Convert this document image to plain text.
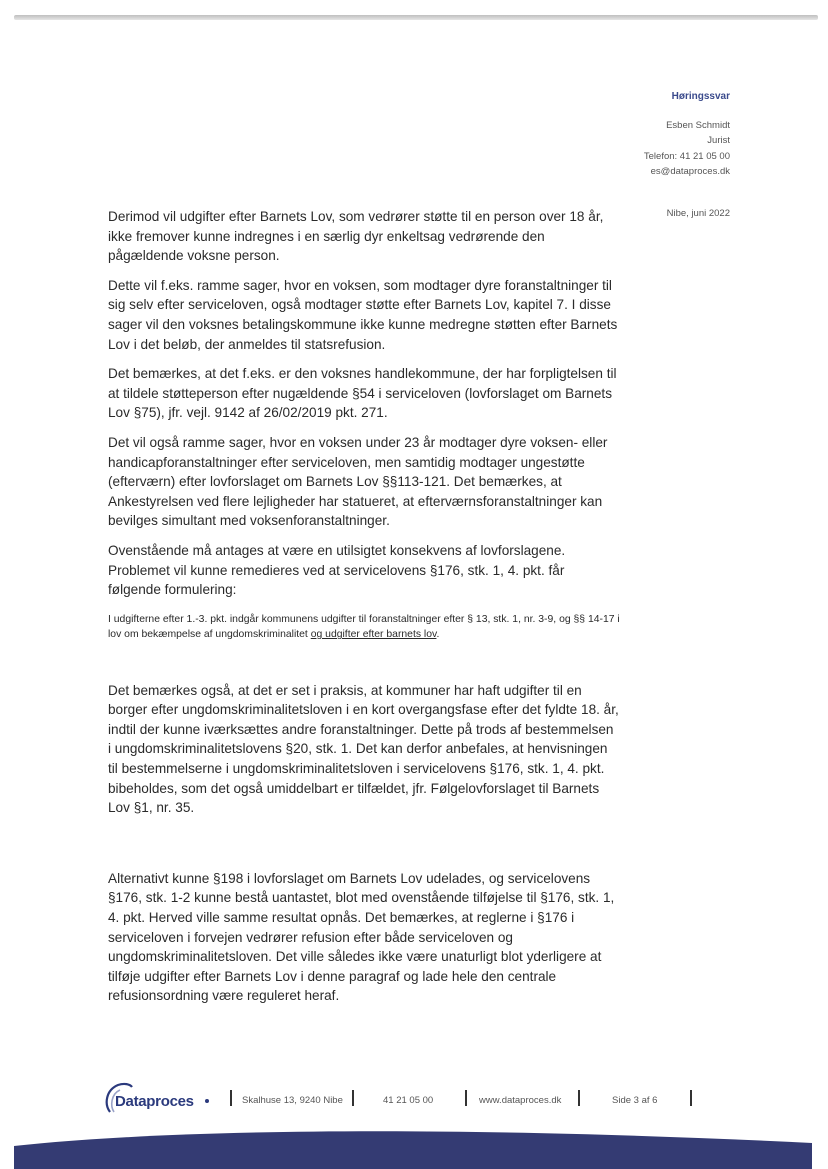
Høringssvar
Esben Schmidt
Jurist
Telefon: 41 21 05 00
es@dataproces.dk
Nibe, juni 2022

Derimod vil udgifter efter Barnets Lov, som vedrører støtte til en person over 18 år, ikke fremover kunne indregnes i en særlig dyr enkeltsag vedrørende den pågældende voksne person.

Dette vil f.eks. ramme sager, hvor en voksen, som modtager dyre foranstaltninger til sig selv efter serviceloven, også modtager støtte efter Barnets Lov, kapitel 7. I disse sager vil den voksnes betalingskommune ikke kunne medregne støtten efter Barnets Lov i det beløb, der anmeldes til statsrefusion.

Det bemærkes, at det f.eks. er den voksnes handlekommune, der har forpligtelsen til at tildele støtteperson efter nugældende §54 i serviceloven (lovforslaget om Barnets Lov §75), jfr. vejl. 9142 af 26/02/2019 pkt. 271.

Det vil også ramme sager, hvor en voksen under 23 år modtager dyre voksen- eller handicapforanstaltninger efter serviceloven, men samtidig modtager ungestøtte (efterværn) efter lovforslaget om Barnets Lov §§113-121. Det bemærkes, at Ankestyrelsen ved flere lejligheder har statueret, at efterværnsforanstaltninger kan bevilges simultant med voksenforanstaltninger.

Ovenstående må antages at være en utilsigtet konsekvens af lovforslagene. Problemet vil kunne remedieres ved at servicelovens §176, stk. 1, 4. pkt. får følgende formulering:

I udgifterne efter 1.-3. pkt. indgår kommunens udgifter til foranstaltninger efter § 13, stk. 1, nr. 3-9, og §§ 14-17 i lov om bekæmpelse af ungdomskriminalitet og udgifter efter barnets lov.

Det bemærkes også, at det er set i praksis, at kommuner har haft udgifter til en borger efter ungdomskriminalitetsloven i en kort overgangsfase efter det fyldte 18. år, indtil der kunne iværksættes andre foranstaltninger. Dette på trods af bestemmelsen i ungdomskriminalitetslovens §20, stk. 1. Det kan derfor anbefales, at henvisningen til bestemmelserne i ungdomskriminalitetsloven i servicelovens §176, stk. 1, 4. pkt. bibeholdes, som det også umiddelbart er tilfældet, jfr. Følgelovforslaget til Barnets Lov §1, nr. 35.

Alternativt kunne §198 i lovforslaget om Barnets Lov udelades, og servicelovens §176, stk. 1-2 kunne bestå uantastet, blot med ovenstående tilføjelse til §176, stk. 1, 4. pkt. Herved ville samme resultat opnås. Det bemærkes, at reglerne i §176 i serviceloven i forvejen vedrører refusion efter både serviceloven og ungdomskriminalitetsloven. Det ville således ikke være unaturligt blot yderligere at tilføje udgifter efter Barnets Lov i denne paragraf og lade hele den centrale refusionsordning være reguleret heraf.

Dataproces	Skalhuse 13, 9240 Nibe	41 21 05 00	www.dataproces.dk	Side 3 af 6
